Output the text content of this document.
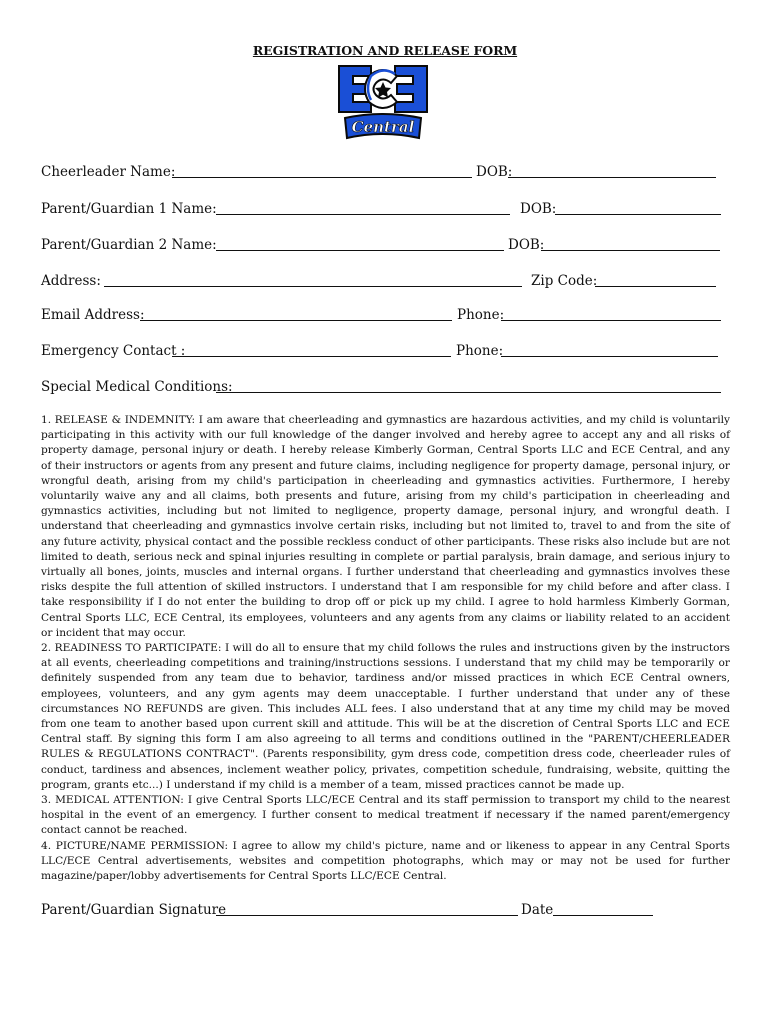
REGISTRATION AND RELEASE FORM
Central
Cheerleader Name:	DOB:
Parent/Guardian 1 Name:	DOB:
Parent/Guardian 2 Name:	DOB:
Address:	Zip Code:
Email Address:	Phone:
Emergency Contact :	Phone:
Special Medical Conditions:

1. RELEASE & INDEMNITY: I am aware that cheerleading and gymnastics are hazardous activities, and my child is voluntarily participating in this activity with our full knowledge of the danger involved and hereby agree to accept any and all risks of property damage, personal injury or death. I hereby release Kimberly Gorman, Central Sports LLC and ECE Central, and any of their instructors or agents from any present and future claims, including negligence for property damage, personal injury, or wrongful death, arising from my child's participation in cheerleading and gymnastics activities. Furthermore, I hereby voluntarily waive any and all claims, both presents and future, arising from my child's participation in cheerleading and gymnastics activities, including but not limited to negligence, property damage, personal injury, and wrongful death. I understand that cheerleading and gymnastics involve certain risks, including but not limited to, travel to and from the site of any future activity, physical contact and the possible reckless conduct of other participants. These risks also include but are not limited to death, serious neck and spinal injuries resulting in complete or partial paralysis, brain damage, and serious injury to virtually all bones, joints, muscles and internal organs. I further understand that cheerleading and gymnastics involves these risks despite the full attention of skilled instructors. I understand that I am responsible for my child before and after class. I take responsibility if I do not enter the building to drop off or pick up my child. I agree to hold harmless Kimberly Gorman, Central Sports LLC, ECE Central, its employees, volunteers and any agents from any claims or liability related to an accident or incident that may occur.

2. READINESS TO PARTICIPATE: I will do all to ensure that my child follows the rules and instructions given by the instructors at all events, cheerleading competitions and training/instructions sessions. I understand that my child may be temporarily or definitely suspended from any team due to behavior, tardiness and/or missed practices in which ECE Central owners, employees, volunteers, and any gym agents may deem unacceptable. I further understand that under any of these circumstances NO REFUNDS are given. This includes ALL fees. I also understand that at any time my child may be moved from one team to another based upon current skill and attitude. This will be at the discretion of Central Sports LLC and ECE Central staff. By signing this form I am also agreeing to all terms and conditions outlined in the "PARENT/CHEERLEADER RULES & REGULATIONS CONTRACT". (Parents responsibility, gym dress code, competition dress code, cheerleader rules of conduct, tardiness and absences, inclement weather policy, privates, competition schedule, fundraising, website, quitting the program, grants etc...) I understand if my child is a member of a team, missed practices cannot be made up.

3. MEDICAL ATTENTION: I give Central Sports LLC/ECE Central and its staff permission to transport my child to the nearest hospital in the event of an emergency. I further consent to medical treatment if necessary if the named parent/emergency contact cannot be reached.

4. PICTURE/NAME PERMISSION: I agree to allow my child's picture, name and or likeness to appear in any Central Sports LLC/ECE Central advertisements, websites and competition photographs, which may or may not be used for further magazine/paper/lobby advertisements for Central Sports LLC/ECE Central.

Parent/Guardian Signature	Date
